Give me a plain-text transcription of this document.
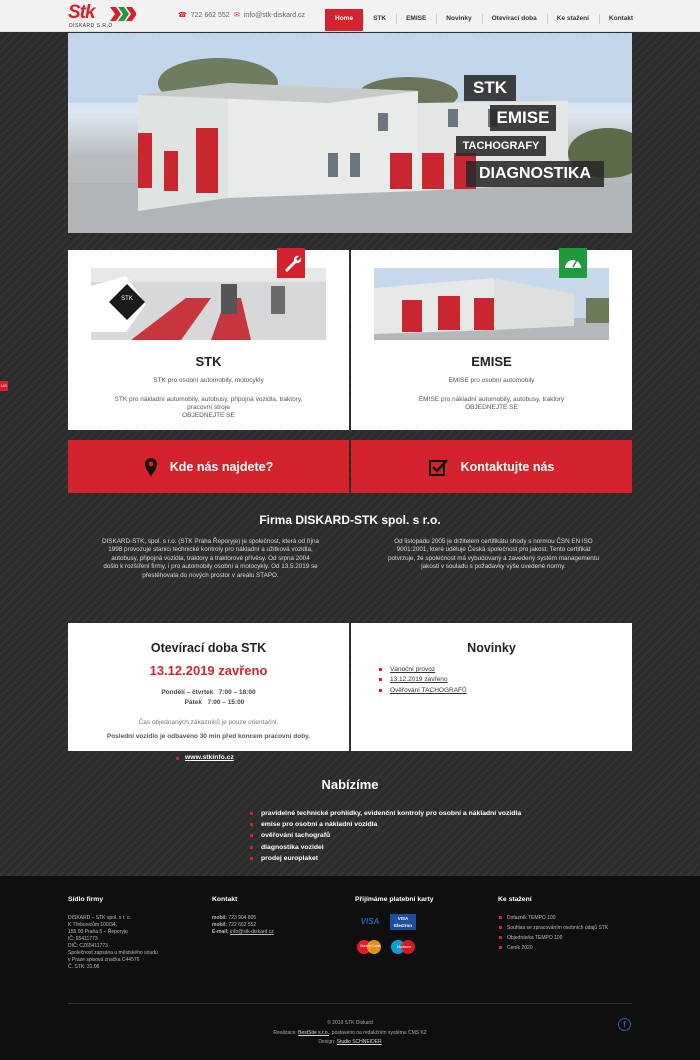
Stk
DISKARD S.R.O
☎ 722 662 552 ✉ info@stk-diskard.cz	Home	STK	EMISE	Novinky	Otevírací doba	Ke stažení	Kontakt
STK
EMISE
TACHOGRAFY
DIAGNOSTIKA
UG
STK
STK
STK pro osobní automobily, motocykly
STK pro nákladní automobily, autobusy, připojná vozidla, traktory,
pracovní stroje
OBJEDNEJTE SE
EMISE
EMISE pro osobní automobily
EMISE pro nákladní automobily, autobusy, traktory
OBJEDNEJTE SE
Kde nás najdete?	Kontaktujte nás
Firma DISKARD-STK spol. s r.o.
DISKARD-STK, spol. s r.o. (STK Praha Řeporyje) je společnost, která od října
1998 provozuje stanici technické kontroly pro nákladní a užitková vozidla,
autobusy, připojná vozidla, traktory a traktorové přívěsy. Od srpna 2004
došlo k rozšíření firmy, i pro automobily osobní a motocykly. Od 13.5.2019 se
přestěhovala do nových prostor v areálu STAPO.
Od listopadu 2005 je držitelem certifikátu shody s normou ČSN EN ISO
9001:2001, které uděluje Česká společnost pro jakost. Tento certifikát
potvrzuje, že společnost má vybudovaný a zavedený systém managementu
jakosti v souladu s požadavky výše uvedené normy.
Otevírací doba STK
13.12.2019 zavřeno
Pondělí – čtvrtek 7:00 – 18:00
Pátek 7:00 – 15:00
Čas objednaných zákazníků je pouze orientační.
Poslední vozidlo je odbaveno 30 min před koncem pracovní doby.
Novinky
Vánoční provoz
13.12.2019 zavřeno
Ověřování TACHOGRAFŮ
www.stkinfo.cz
Nabízíme
pravidelné technické prohlídky, evidenční kontroly pro osobní a nákladní vozidla
emise pro osobní a nákladní vozidla
ověřování tachografů
diagnostika vozidel
prodej europlaket
Sídlo firmy
DISKARD – STK spol. s r. o.
K Třebonicům 100/34,
155 00 Praha 5 – Řeporyje
IČ: 65411773
DIČ: CZ65411773
Společnost zapsána u městského soudu
v Praze spisová značka C44576
Č. STK: 31.06
Kontakt
mobil: 723 904 805
mobil: 722 662 552
E-mail: info@stk-diskard.cz
Přijímáme platební karty
VISA	VISA Electron
MasterCard	Maestro
Ke stažení
Dotazník TEMPO 100
Souhlas se zpracováním osobních údajů STK
Objednávka TEMPO 100
Ceník 2020
© 2019 STK Diskard
Realizace: BestSite s.r.o., postaveno na redakčním systému CMS K2
Design: Studio SCHNEIDER
f
